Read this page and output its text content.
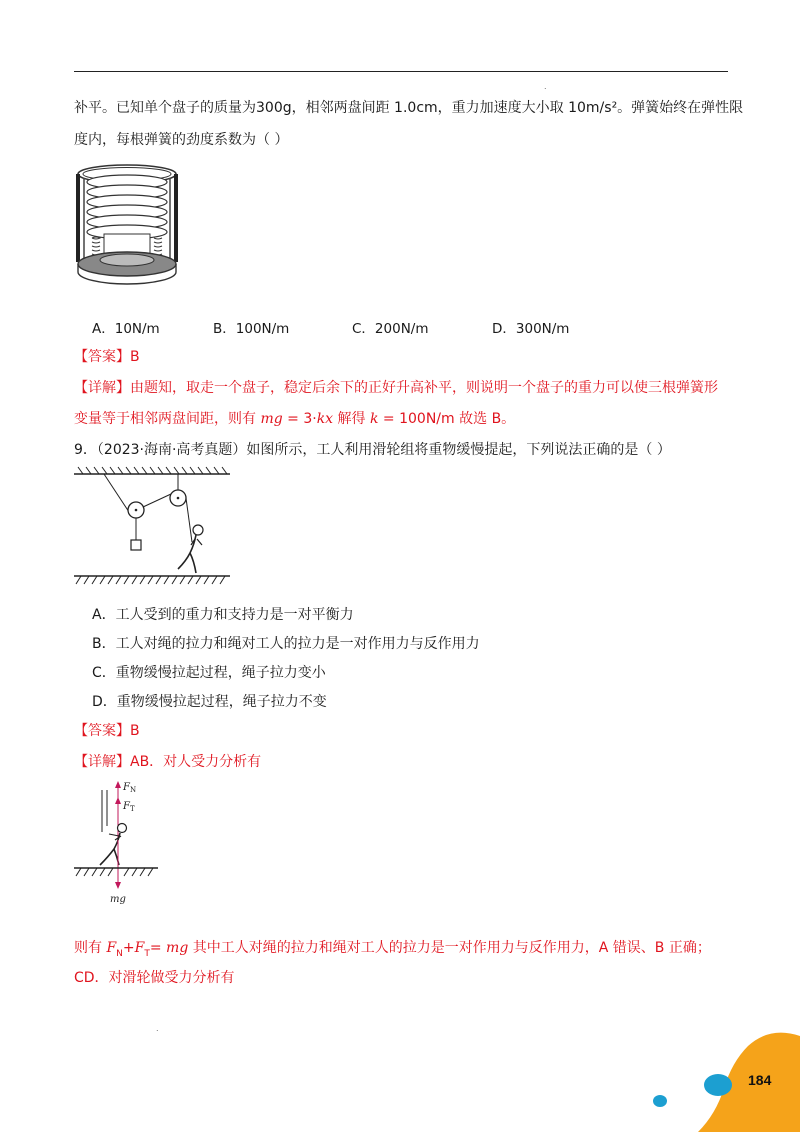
.
补平。已知单个盘子的质量为300g，相邻两盘间距 1.0cm，重力加速度大小取 10m/s²。弹簧始终在弹性限
度内，每根弹簧的劲度系数为（ ）
A．10N/m	B．100N/m	C．200N/m	D．300N/m
【答案】B
【详解】由题知，取走一个盘子，稳定后余下的正好升高补平，则说明一个盘子的重力可以使三根弹簧形
变量等于相邻两盘间距，则有 mg = 3·kx 解得 k = 100N/m 故选 B。
9．（2023·海南·高考真题）如图所示，工人利用滑轮组将重物缓慢提起，下列说法正确的是（ ）
A．工人受到的重力和支持力是一对平衡力
B．工人对绳的拉力和绳对工人的拉力是一对作用力与反作用力
C．重物缓慢拉起过程，绳子拉力变小
D．重物缓慢拉起过程，绳子拉力不变
【答案】B
【详解】AB．对人受力分析有
$F_N$
$F_T$
mg
则有 $F_N+F_T=$ mg 其中工人对绳的拉力和绳对工人的拉力是一对作用力与反作用力，A 错误、B 正确；
CD．对滑轮做受力分析有
.
184
